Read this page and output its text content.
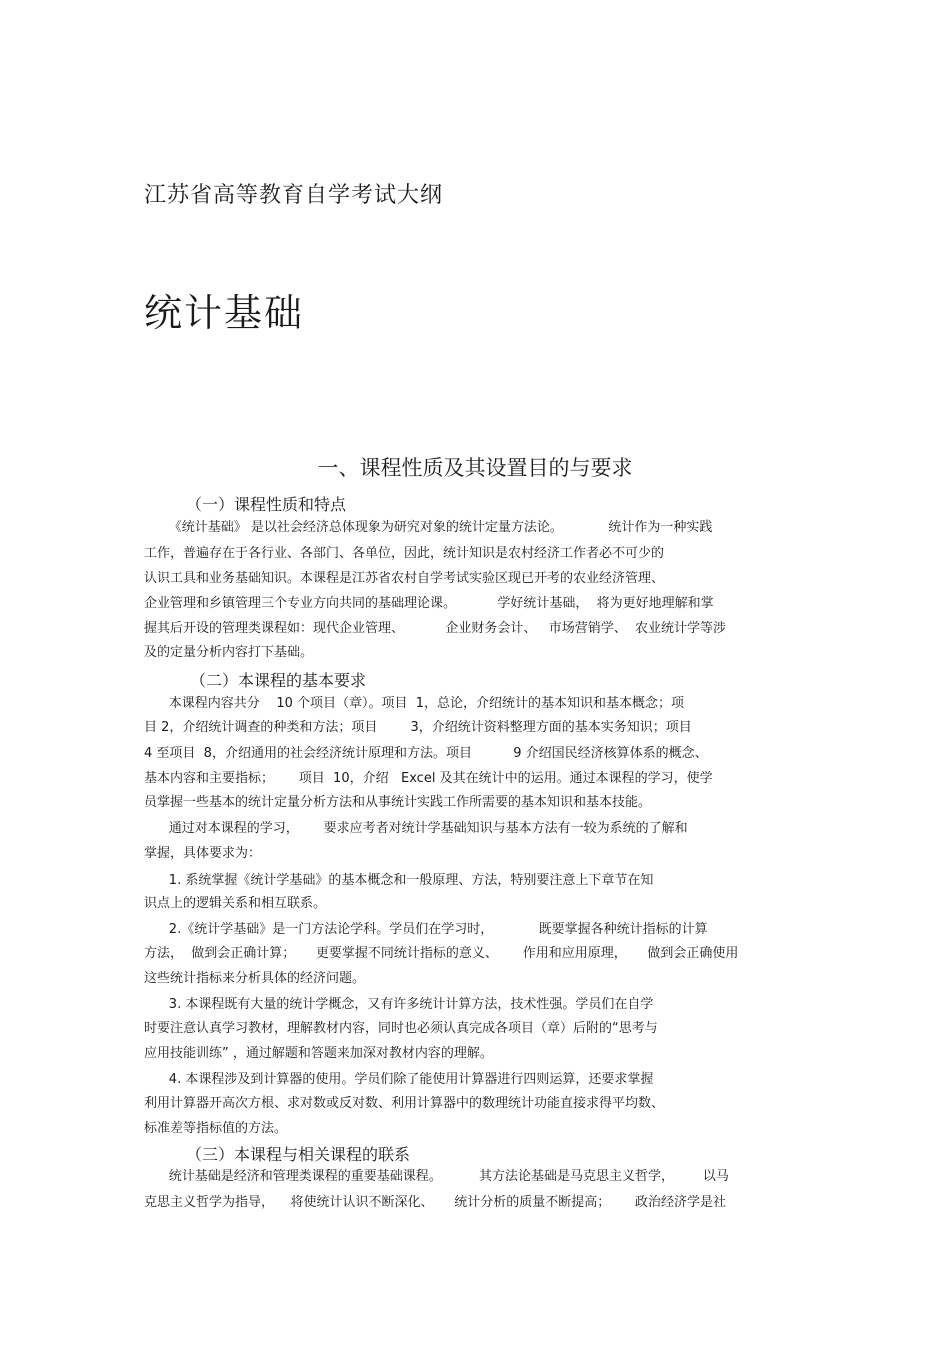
江苏省高等教育自学考试大纲
统计基础
一、课程性质及其设置目的与要求
（一）课程性质和特点
《统计基础》 是以社会经济总体现象为研究对象的统计定量方法论。           统计作为一种实践
工作，普遍存在于各行业、各部门、各单位，因此，统计知识是农村经济工作者必不可少的
认识工具和业务基础知识。本课程是江苏省农村自学考试实验区现已开考的农业经济管理、
企业管理和乡镇管理三个专业方向共同的基础理论课。          学好统计基础，  将为更好地理解和掌
握其后开设的管理类课程如：现代企业管理、          企业财务会计、   市场营销学、  农业统计学等涉
及的定量分析内容打下基础。
（二）本课程的基本要求
本课程内容共分    10 个项目（章）。项目  1，总论，介绍统计的基本知识和基本概念；项
目 2，介绍统计调查的种类和方法；项目        3，介绍统计资料整理方面的基本实务知识；项目
4 至项目  8，介绍通用的社会经济统计原理和方法。项目          9 介绍国民经济核算体系的概念、
基本内容和主要指标；      项目  10，介绍   Excel 及其在统计中的运用。通过本课程的学习，使学
员掌握一些基本的统计定量分析方法和从事统计实践工作所需要的基本知识和基本技能。
通过对本课程的学习，      要求应考者对统计学基础知识与基本方法有一较为系统的了解和
掌握，具体要求为：
1. 系统掌握《统计学基础》的基本概念和一般原理、方法，特别要注意上下章节在知
识点上的逻辑关系和相互联系。
2.《统计学基础》是一门方法论学科。学员们在学习时，           既要掌握各种统计指标的计算
方法，  做到会正确计算；     更要掌握不同统计指标的意义、      作用和应用原理，     做到会正确使用
这些统计指标来分析具体的经济问题。
3. 本课程既有大量的统计学概念，又有许多统计计算方法，技术性强。学员们在自学
时要注意认真学习教材，理解教材内容，同时也必须认真完成各项目（章）后附的“思考与
应用技能训练” ，通过解题和答题来加深对教材内容的理解。
4. 本课程涉及到计算器的使用。学员们除了能使用计算器进行四则运算，还要求掌握
利用计算器开高次方根、求对数或反对数、利用计算器中的数理统计功能直接求得平均数、
标准差等指标值的方法。
（三）本课程与相关课程的联系
统计基础是经济和管理类课程的重要基础课程。         其方法论基础是马克思主义哲学，       以马
克思主义哲学为指导，    将使统计认识不断深化、     统计分析的质量不断提高；      政治经济学是社
